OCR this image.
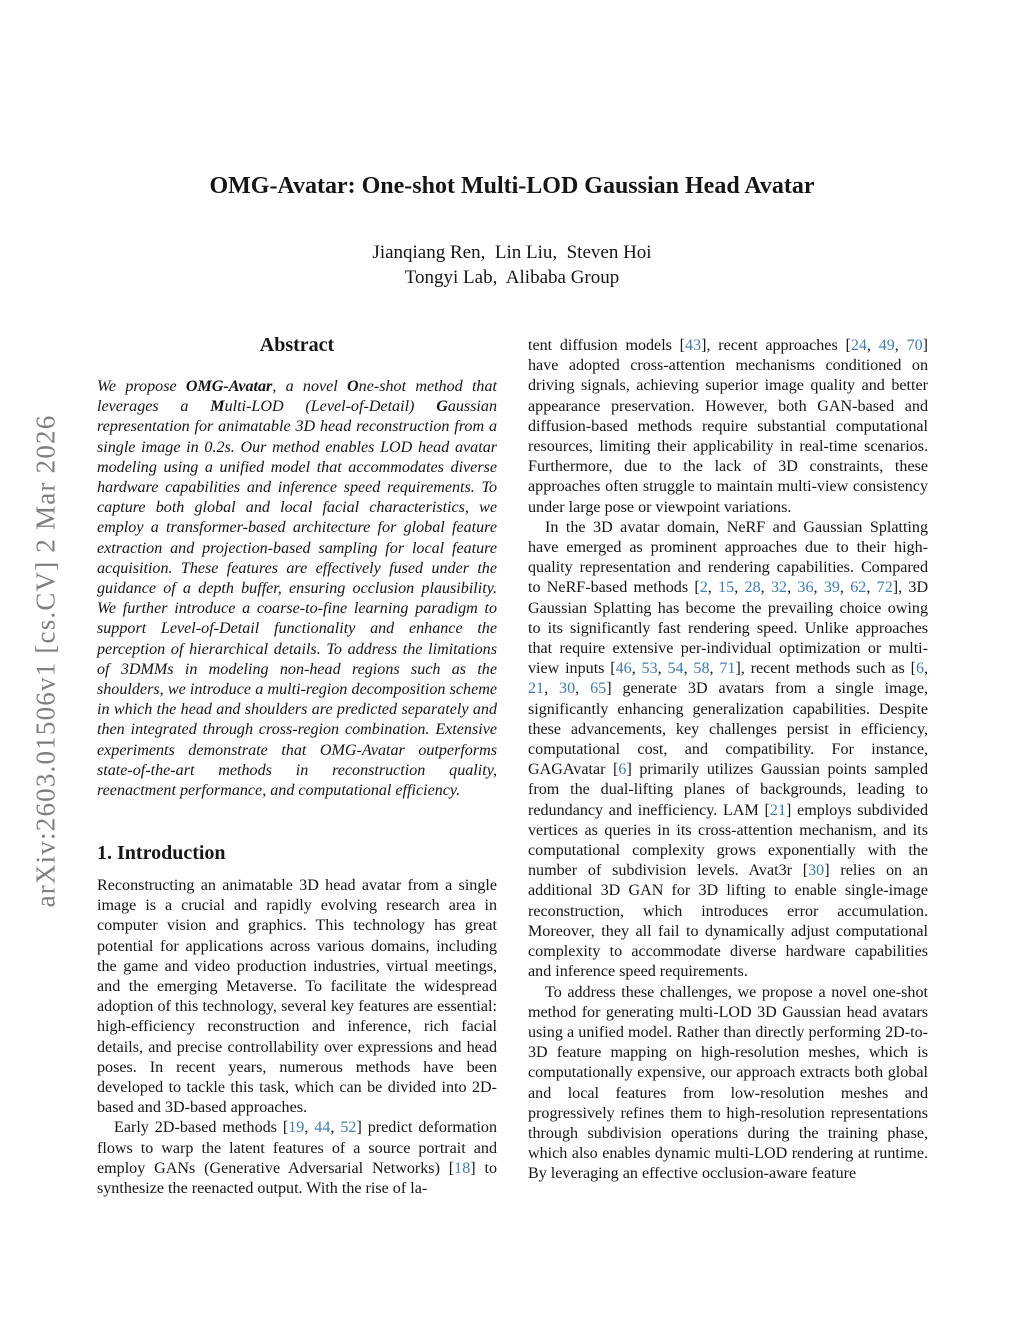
arXiv:2603.01506v1 [cs.CV] 2 Mar 2026
OMG-Avatar: One-shot Multi-LOD Gaussian Head Avatar
Jianqiang Ren,  Lin Liu,  Steven Hoi
Tongyi Lab,  Alibaba Group
Abstract

We propose OMG-Avatar, a novel One-shot method that leverages a Multi-LOD (Level-of-Detail) Gaussian representation for animatable 3D head reconstruction from a single image in 0.2s. Our method enables LOD head avatar modeling using a unified model that accommodates diverse hardware capabilities and inference speed requirements. To capture both global and local facial characteristics, we employ a transformer-based architecture for global feature extraction and projection-based sampling for local feature acquisition. These features are effectively fused under the guidance of a depth buffer, ensuring occlusion plausibility. We further introduce a coarse-to-fine learning paradigm to support Level-of-Detail functionality and enhance the perception of hierarchical details. To address the limitations of 3DMMs in modeling non-head regions such as the shoulders, we introduce a multi-region decomposition scheme in which the head and shoulders are predicted separately and then integrated through cross-region combination. Extensive experiments demonstrate that OMG-Avatar outperforms state-of-the-art methods in reconstruction quality, reenactment performance, and computational efficiency.

1. Introduction

Reconstructing an animatable 3D head avatar from a single image is a crucial and rapidly evolving research area in computer vision and graphics. This technology has great potential for applications across various domains, including the game and video production industries, virtual meetings, and the emerging Metaverse. To facilitate the widespread adoption of this technology, several key features are essential: high-efficiency reconstruction and inference, rich facial details, and precise controllability over expressions and head poses. In recent years, numerous methods have been developed to tackle this task, which can be divided into 2D-based and 3D-based approaches.

Early 2D-based methods [19, 44, 52] predict deformation flows to warp the latent features of a source portrait and employ GANs (Generative Adversarial Networks) [18] to synthesize the reenacted output. With the rise of la-

tent diffusion models [43], recent approaches [24, 49, 70] have adopted cross-attention mechanisms conditioned on driving signals, achieving superior image quality and better appearance preservation. However, both GAN-based and diffusion-based methods require substantial computational resources, limiting their applicability in real-time scenarios. Furthermore, due to the lack of 3D constraints, these approaches often struggle to maintain multi-view consistency under large pose or viewpoint variations.

In the 3D avatar domain, NeRF and Gaussian Splatting have emerged as prominent approaches due to their high-quality representation and rendering capabilities. Compared to NeRF-based methods [2, 15, 28, 32, 36, 39, 62, 72], 3D Gaussian Splatting has become the prevailing choice owing to its significantly fast rendering speed. Unlike approaches that require extensive per-individual optimization or multi-view inputs [46, 53, 54, 58, 71], recent methods such as [6, 21, 30, 65] generate 3D avatars from a single image, significantly enhancing generalization capabilities. Despite these advancements, key challenges persist in efficiency, computational cost, and compatibility. For instance, GAGAvatar [6] primarily utilizes Gaussian points sampled from the dual-lifting planes of backgrounds, leading to redundancy and inefficiency. LAM [21] employs subdivided vertices as queries in its cross-attention mechanism, and its computational complexity grows exponentially with the number of subdivision levels. Avat3r [30] relies on an additional 3D GAN for 3D lifting to enable single-image reconstruction, which introduces error accumulation. Moreover, they all fail to dynamically adjust computational complexity to accommodate diverse hardware capabilities and inference speed requirements.

To address these challenges, we propose a novel one-shot method for generating multi-LOD 3D Gaussian head avatars using a unified model. Rather than directly performing 2D-to-3D feature mapping on high-resolution meshes, which is computationally expensive, our approach extracts both global and local features from low-resolution meshes and progressively refines them to high-resolution representations through subdivision operations during the training phase, which also enables dynamic multi-LOD rendering at runtime. By leveraging an effective occlusion-aware feature
